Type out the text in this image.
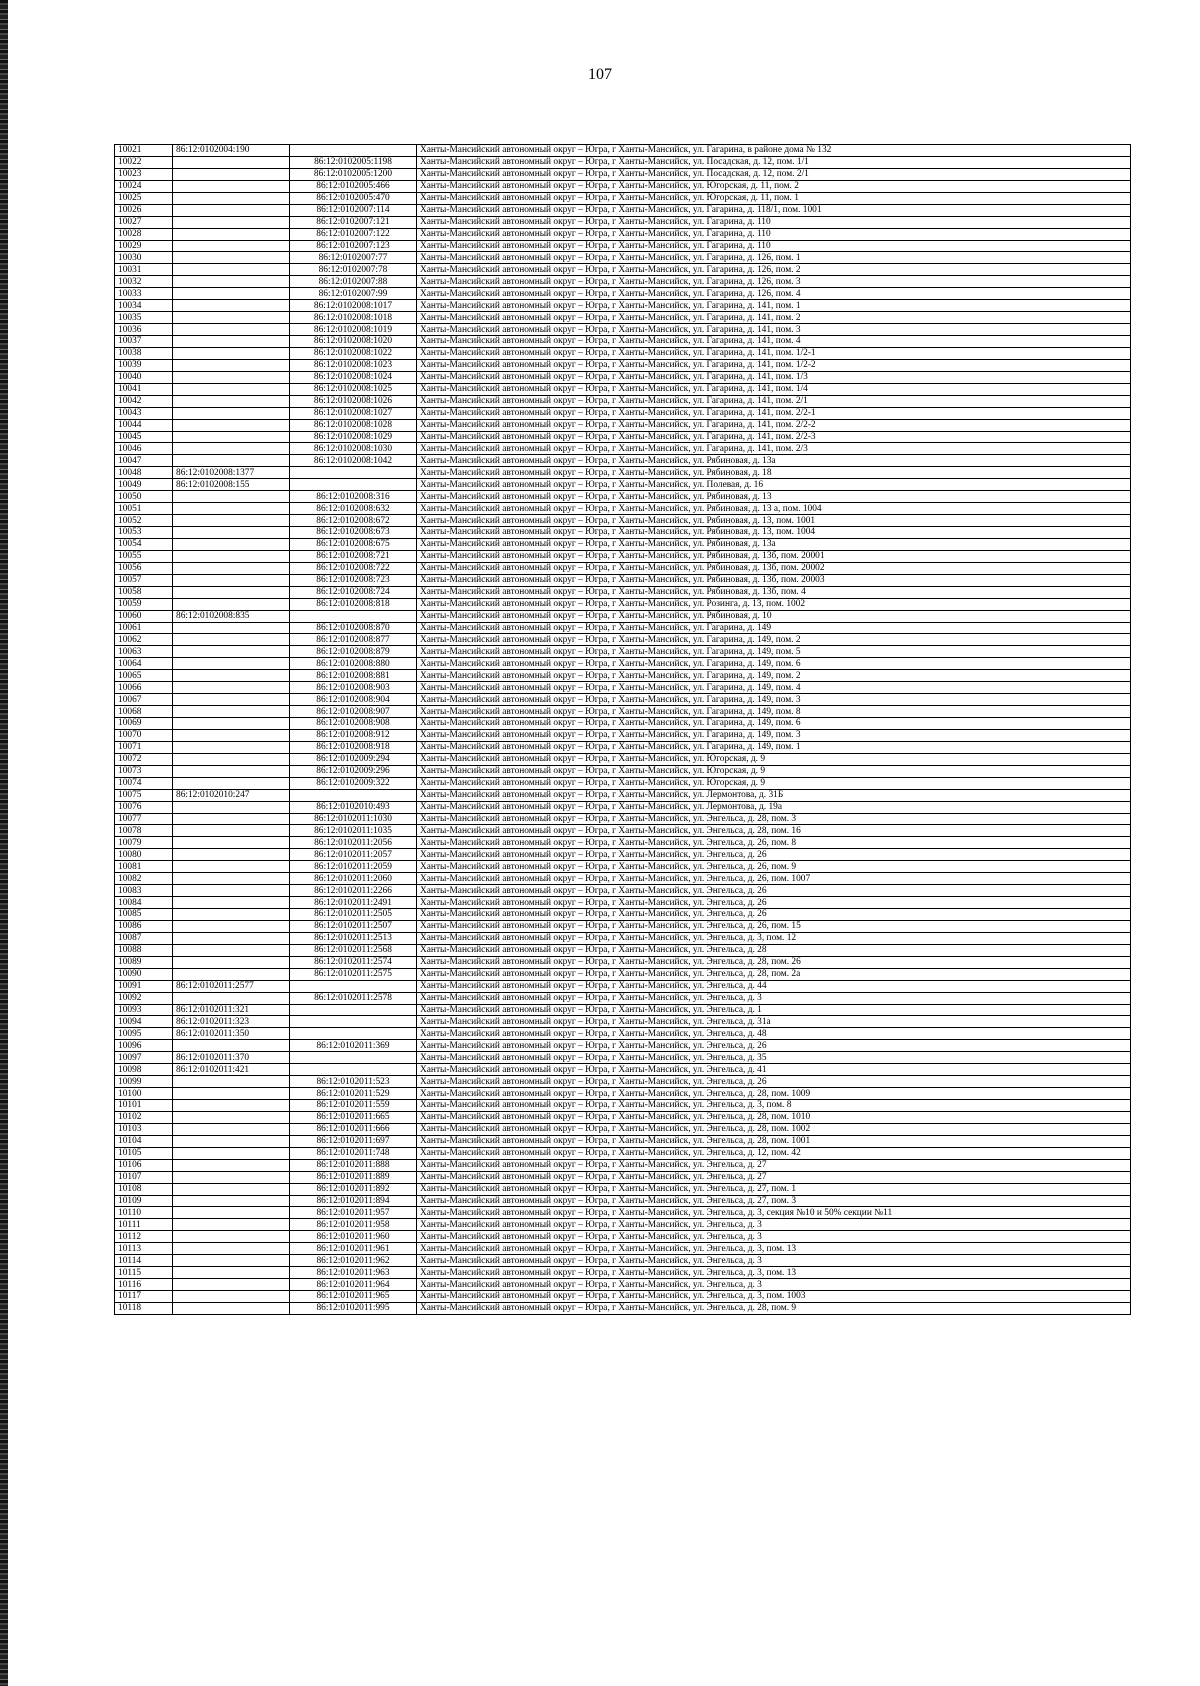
107
10021	86:12:0102004:190		Ханты-Мансийский автономный округ – Югра, г Ханты-Мансийск, ул. Гагарина, в районе дома № 132
10022		86:12:0102005:1198	Ханты-Мансийский автономный округ – Югра, г Ханты-Мансийск, ул. Посадская, д. 12, пом. 1/1
10023		86:12:0102005:1200	Ханты-Мансийский автономный округ – Югра, г Ханты-Мансийск, ул. Посадская, д. 12, пом. 2/1
10024		86:12:0102005:466	Ханты-Мансийский автономный округ – Югра, г Ханты-Мансийск, ул. Югорская, д. 11, пом. 2
10025		86:12:0102005:470	Ханты-Мансийский автономный округ – Югра, г Ханты-Мансийск, ул. Югорская, д. 11, пом. 1
10026		86:12:0102007:114	Ханты-Мансийский автономный округ – Югра, г Ханты-Мансийск, ул. Гагарина, д. 118/1, пом. 1001
10027		86:12:0102007:121	Ханты-Мансийский автономный округ – Югра, г Ханты-Мансийск, ул. Гагарина, д. 110
10028		86:12:0102007:122	Ханты-Мансийский автономный округ – Югра, г Ханты-Мансийск, ул. Гагарина, д. 110
10029		86:12:0102007:123	Ханты-Мансийский автономный округ – Югра, г Ханты-Мансийск, ул. Гагарина, д. 110
10030		86:12:0102007:77	Ханты-Мансийский автономный округ – Югра, г Ханты-Мансийск, ул. Гагарина, д. 126, пом. 1
10031		86:12:0102007:78	Ханты-Мансийский автономный округ – Югра, г Ханты-Мансийск, ул. Гагарина, д. 126, пом. 2
10032		86:12:0102007:88	Ханты-Мансийский автономный округ – Югра, г Ханты-Мансийск, ул. Гагарина, д. 126, пом. 3
10033		86:12:0102007:99	Ханты-Мансийский автономный округ – Югра, г Ханты-Мансийск, ул. Гагарина, д. 126, пом. 4
10034		86:12:0102008:1017	Ханты-Мансийский автономный округ – Югра, г Ханты-Мансийск, ул. Гагарина, д. 141, пом. 1
10035		86:12:0102008:1018	Ханты-Мансийский автономный округ – Югра, г Ханты-Мансийск, ул. Гагарина, д. 141, пом. 2
10036		86:12:0102008:1019	Ханты-Мансийский автономный округ – Югра, г Ханты-Мансийск, ул. Гагарина, д. 141, пом. 3
10037		86:12:0102008:1020	Ханты-Мансийский автономный округ – Югра, г Ханты-Мансийск, ул. Гагарина, д. 141, пом. 4
10038		86:12:0102008:1022	Ханты-Мансийский автономный округ – Югра, г Ханты-Мансийск, ул. Гагарина, д. 141, пом. 1/2-1
10039		86:12:0102008:1023	Ханты-Мансийский автономный округ – Югра, г Ханты-Мансийск, ул. Гагарина, д. 141, пом. 1/2-2
10040		86:12:0102008:1024	Ханты-Мансийский автономный округ – Югра, г Ханты-Мансийск, ул. Гагарина, д. 141, пом. 1/3
10041		86:12:0102008:1025	Ханты-Мансийский автономный округ – Югра, г Ханты-Мансийск, ул. Гагарина, д. 141, пом. 1/4
10042		86:12:0102008:1026	Ханты-Мансийский автономный округ – Югра, г Ханты-Мансийск, ул. Гагарина, д. 141, пом. 2/1
10043		86:12:0102008:1027	Ханты-Мансийский автономный округ – Югра, г Ханты-Мансийск, ул. Гагарина, д. 141, пом. 2/2-1
10044		86:12:0102008:1028	Ханты-Мансийский автономный округ – Югра, г Ханты-Мансийск, ул. Гагарина, д. 141, пом. 2/2-2
10045		86:12:0102008:1029	Ханты-Мансийский автономный округ – Югра, г Ханты-Мансийск, ул. Гагарина, д. 141, пом. 2/2-3
10046		86:12:0102008:1030	Ханты-Мансийский автономный округ – Югра, г Ханты-Мансийск, ул. Гагарина, д. 141, пом. 2/3
10047		86:12:0102008:1042	Ханты-Мансийский автономный округ – Югра, г Ханты-Мансийск, ул. Рябиновая, д. 13а
10048	86:12:0102008:1377		Ханты-Мансийский автономный округ – Югра, г Ханты-Мансийск, ул. Рябиновая, д. 18
10049	86:12:0102008:155		Ханты-Мансийский автономный округ – Югра, г Ханты-Мансийск, ул. Полевая, д. 16
10050		86:12:0102008:316	Ханты-Мансийский автономный округ – Югра, г Ханты-Мансийск, ул. Рябиновая, д. 13
10051		86:12:0102008:632	Ханты-Мансийский автономный округ – Югра, г Ханты-Мансийск, ул. Рябиновая, д. 13 а, пом. 1004
10052		86:12:0102008:672	Ханты-Мансийский автономный округ – Югра, г Ханты-Мансийск, ул. Рябиновая, д. 13, пом. 1001
10053		86:12:0102008:673	Ханты-Мансийский автономный округ – Югра, г Ханты-Мансийск, ул. Рябиновая, д. 13, пом. 1004
10054		86:12:0102008:675	Ханты-Мансийский автономный округ – Югра, г Ханты-Мансийск, ул. Рябиновая, д. 13а
10055		86:12:0102008:721	Ханты-Мансийский автономный округ – Югра, г Ханты-Мансийск, ул. Рябиновая, д. 13б, пом. 20001
10056		86:12:0102008:722	Ханты-Мансийский автономный округ – Югра, г Ханты-Мансийск, ул. Рябиновая, д. 13б, пом. 20002
10057		86:12:0102008:723	Ханты-Мансийский автономный округ – Югра, г Ханты-Мансийск, ул. Рябиновая, д. 13б, пом. 20003
10058		86:12:0102008:724	Ханты-Мансийский автономный округ – Югра, г Ханты-Мансийск, ул. Рябиновая, д. 13б, пом. 4
10059		86:12:0102008:818	Ханты-Мансийский автономный округ – Югра, г Ханты-Мансийск, ул. Розинга, д. 13, пом. 1002
10060	86:12:0102008:835		Ханты-Мансийский автономный округ – Югра, г Ханты-Мансийск, ул. Рябиновая, д. 10
10061		86:12:0102008:870	Ханты-Мансийский автономный округ – Югра, г Ханты-Мансийск, ул. Гагарина, д. 149
10062		86:12:0102008:877	Ханты-Мансийский автономный округ – Югра, г Ханты-Мансийск, ул. Гагарина, д. 149, пом. 2
10063		86:12:0102008:879	Ханты-Мансийский автономный округ – Югра, г Ханты-Мансийск, ул. Гагарина, д. 149, пом. 5
10064		86:12:0102008:880	Ханты-Мансийский автономный округ – Югра, г Ханты-Мансийск, ул. Гагарина, д. 149, пом. 6
10065		86:12:0102008:881	Ханты-Мансийский автономный округ – Югра, г Ханты-Мансийск, ул. Гагарина, д. 149, пом. 2
10066		86:12:0102008:903	Ханты-Мансийский автономный округ – Югра, г Ханты-Мансийск, ул. Гагарина, д. 149, пом. 4
10067		86:12:0102008:904	Ханты-Мансийский автономный округ – Югра, г Ханты-Мансийск, ул. Гагарина, д. 149, пом. 3
10068		86:12:0102008:907	Ханты-Мансийский автономный округ – Югра, г Ханты-Мансийск, ул. Гагарина, д. 149, пом. 8
10069		86:12:0102008:908	Ханты-Мансийский автономный округ – Югра, г Ханты-Мансийск, ул. Гагарина, д. 149, пом. 6
10070		86:12:0102008:912	Ханты-Мансийский автономный округ – Югра, г Ханты-Мансийск, ул. Гагарина, д. 149, пом. 3
10071		86:12:0102008:918	Ханты-Мансийский автономный округ – Югра, г Ханты-Мансийск, ул. Гагарина, д. 149, пом. 1
10072		86:12:0102009:294	Ханты-Мансийский автономный округ – Югра, г Ханты-Мансийск, ул. Югорская, д. 9
10073		86:12:0102009:296	Ханты-Мансийский автономный округ – Югра, г Ханты-Мансийск, ул. Югорская, д. 9
10074		86:12:0102009:322	Ханты-Мансийский автономный округ – Югра, г Ханты-Мансийск, ул. Югорская, д. 9
10075	86:12:0102010:247		Ханты-Мансийский автономный округ – Югра, г Ханты-Мансийск, ул. Лермонтова, д. 31Б
10076		86:12:0102010:493	Ханты-Мансийский автономный округ – Югра, г Ханты-Мансийск, ул. Лермонтова, д. 19а
10077		86:12:0102011:1030	Ханты-Мансийский автономный округ – Югра, г Ханты-Мансийск, ул. Энгельса, д. 28, пом. 3
10078		86:12:0102011:1035	Ханты-Мансийский автономный округ – Югра, г Ханты-Мансийск, ул. Энгельса, д. 28, пом. 16
10079		86:12:0102011:2056	Ханты-Мансийский автономный округ – Югра, г Ханты-Мансийск, ул. Энгельса, д. 26, пом. 8
10080		86:12:0102011:2057	Ханты-Мансийский автономный округ – Югра, г Ханты-Мансийск, ул. Энгельса, д. 26
10081		86:12:0102011:2059	Ханты-Мансийский автономный округ – Югра, г Ханты-Мансийск, ул. Энгельса, д. 26, пом. 9
10082		86:12:0102011:2060	Ханты-Мансийский автономный округ – Югра, г Ханты-Мансийск, ул. Энгельса, д. 26, пом. 1007
10083		86:12:0102011:2266	Ханты-Мансийский автономный округ – Югра, г Ханты-Мансийск, ул. Энгельса, д. 26
10084		86:12:0102011:2491	Ханты-Мансийский автономный округ – Югра, г Ханты-Мансийск, ул. Энгельса, д. 26
10085		86:12:0102011:2505	Ханты-Мансийский автономный округ – Югра, г Ханты-Мансийск, ул. Энгельса, д. 26
10086		86:12:0102011:2507	Ханты-Мансийский автономный округ – Югра, г Ханты-Мансийск, ул. Энгельса, д. 26, пом. 15
10087		86:12:0102011:2513	Ханты-Мансийский автономный округ – Югра, г Ханты-Мансийск, ул. Энгельса, д. 3, пом. 12
10088		86:12:0102011:2568	Ханты-Мансийский автономный округ – Югра, г Ханты-Мансийск, ул. Энгельса, д. 28
10089		86:12:0102011:2574	Ханты-Мансийский автономный округ – Югра, г Ханты-Мансийск, ул. Энгельса, д. 28, пом. 26
10090		86:12:0102011:2575	Ханты-Мансийский автономный округ – Югра, г Ханты-Мансийск, ул. Энгельса, д. 28, пом. 2а
10091	86:12:0102011:2577		Ханты-Мансийский автономный округ – Югра, г Ханты-Мансийск, ул. Энгельса, д. 44
10092		86:12:0102011:2578	Ханты-Мансийский автономный округ – Югра, г Ханты-Мансийск, ул. Энгельса, д. 3
10093	86:12:0102011:321		Ханты-Мансийский автономный округ – Югра, г Ханты-Мансийск, ул. Энгельса, д. 1
10094	86:12:0102011:323		Ханты-Мансийский автономный округ – Югра, г Ханты-Мансийск, ул. Энгельса, д. 31а
10095	86:12:0102011:350		Ханты-Мансийский автономный округ – Югра, г Ханты-Мансийск, ул. Энгельса, д. 48
10096		86:12:0102011:369	Ханты-Мансийский автономный округ – Югра, г Ханты-Мансийск, ул. Энгельса, д. 26
10097	86:12:0102011:370		Ханты-Мансийский автономный округ – Югра, г Ханты-Мансийск, ул. Энгельса, д. 35
10098	86:12:0102011:421		Ханты-Мансийский автономный округ – Югра, г Ханты-Мансийск, ул. Энгельса, д. 41
10099		86:12:0102011:523	Ханты-Мансийский автономный округ – Югра, г Ханты-Мансийск, ул. Энгельса, д. 26
10100		86:12:0102011:529	Ханты-Мансийский автономный округ – Югра, г Ханты-Мансийск, ул. Энгельса, д. 28, пом. 1009
10101		86:12:0102011:559	Ханты-Мансийский автономный округ – Югра, г Ханты-Мансийск, ул. Энгельса, д. 3, пом. 8
10102		86:12:0102011:665	Ханты-Мансийский автономный округ – Югра, г Ханты-Мансийск, ул. Энгельса, д. 28, пом. 1010
10103		86:12:0102011:666	Ханты-Мансийский автономный округ – Югра, г Ханты-Мансийск, ул. Энгельса, д. 28, пом. 1002
10104		86:12:0102011:697	Ханты-Мансийский автономный округ – Югра, г Ханты-Мансийск, ул. Энгельса, д. 28, пом. 1001
10105		86:12:0102011:748	Ханты-Мансийский автономный округ – Югра, г Ханты-Мансийск, ул. Энгельса, д. 12, пом. 42
10106		86:12:0102011:888	Ханты-Мансийский автономный округ – Югра, г Ханты-Мансийск, ул. Энгельса, д. 27
10107		86:12:0102011:889	Ханты-Мансийский автономный округ – Югра, г Ханты-Мансийск, ул. Энгельса, д. 27
10108		86:12:0102011:892	Ханты-Мансийский автономный округ – Югра, г Ханты-Мансийск, ул. Энгельса, д. 27, пом. 1
10109		86:12:0102011:894	Ханты-Мансийский автономный округ – Югра, г Ханты-Мансийск, ул. Энгельса, д. 27, пом. 3
10110		86:12:0102011:957	Ханты-Мансийский автономный округ – Югра, г Ханты-Мансийск, ул. Энгельса, д. 3, секция №10 и 50% секции №11
10111		86:12:0102011:958	Ханты-Мансийский автономный округ – Югра, г Ханты-Мансийск, ул. Энгельса, д. 3
10112		86:12:0102011:960	Ханты-Мансийский автономный округ – Югра, г Ханты-Мансийск, ул. Энгельса, д. 3
10113		86:12:0102011:961	Ханты-Мансийский автономный округ – Югра, г Ханты-Мансийск, ул. Энгельса, д. 3, пом. 13
10114		86:12:0102011:962	Ханты-Мансийский автономный округ – Югра, г Ханты-Мансийск, ул. Энгельса, д. 3
10115		86:12:0102011:963	Ханты-Мансийский автономный округ – Югра, г Ханты-Мансийск, ул. Энгельса, д. 3, пом. 13
10116		86:12:0102011:964	Ханты-Мансийский автономный округ – Югра, г Ханты-Мансийск, ул. Энгельса, д. 3
10117		86:12:0102011:965	Ханты-Мансийский автономный округ – Югра, г Ханты-Мансийск, ул. Энгельса, д. 3, пом. 1003
10118		86:12:0102011:995	Ханты-Мансийский автономный округ – Югра, г Ханты-Мансийск, ул. Энгельса, д. 28, пом. 9
